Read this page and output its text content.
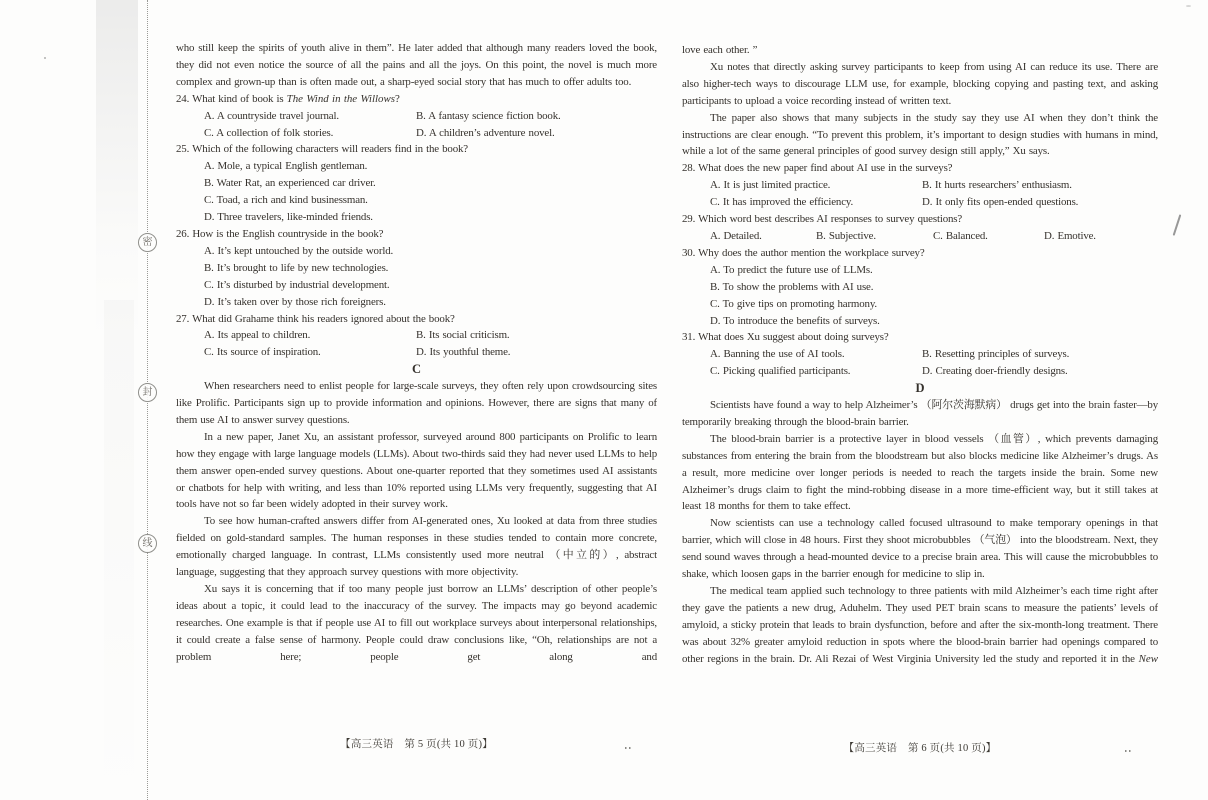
密
封
线

who still keep the spirits of youth alive in them”. He later added that although many readers loved the book, they did not even notice the source of all the pains and all the joys. On this point, the novel is much more complex and grown-up than is often made out, a sharp-eyed social story that has much to offer adults too.

24. What kind of book is The Wind in the Willows?
A. A countryside travel journal.	B. A fantasy science fiction book.
C. A collection of folk stories.	D. A children’s adventure novel.
25. Which of the following characters will readers find in the book?
A. Mole, a typical English gentleman.
B. Water Rat, an experienced car driver.
C. Toad, a rich and kind businessman.
D. Three travelers, like-minded friends.
26. How is the English countryside in the book?
A. It’s kept untouched by the outside world.
B. It’s brought to life by new technologies.
C. It’s disturbed by industrial development.
D. It’s taken over by those rich foreigners.
27. What did Grahame think his readers ignored about the book?
A. Its appeal to children.	B. Its social criticism.
C. Its source of inspiration.	D. Its youthful theme.

C

When researchers need to enlist people for large-scale surveys, they often rely upon crowdsourcing sites like Prolific. Participants sign up to provide information and opinions. However, there are signs that many of them use AI to answer survey questions.

In a new paper, Janet Xu, an assistant professor, surveyed around 800 participants on Prolific to learn how they engage with large language models (LLMs). About two-thirds said they had never used LLMs to help them answer open-ended survey questions. About one-quarter reported that they sometimes used AI assistants or chatbots for help with writing, and less than 10% reported using LLMs very frequently, suggesting that AI tools have not so far been widely adopted in their survey work.

To see how human-crafted answers differ from AI-generated ones, Xu looked at data from three studies fielded on gold-standard samples. The human responses in these studies tended to contain more concrete, emotionally charged language. In contrast, LLMs consistently used more neutral （中立的）, abstract language, suggesting that they approach survey questions with more objectivity.

Xu says it is concerning that if too many people just borrow an LLMs’ description of other people’s ideas about a topic, it could lead to the inaccuracy of the survey. The impacts may go beyond academic researches. One example is that if people use AI to fill out workplace surveys about interpersonal relationships, it could create a false sense of harmony. People could draw conclusions like, “Oh, relationships are not a problem here; people get along and

【高三英语　第 5 页(共 10 页)】

love each other. ”

Xu notes that directly asking survey participants to keep from using AI can reduce its use. There are also higher-tech ways to discourage LLM use, for example, blocking copying and pasting text, and asking participants to upload a voice recording instead of written text.

The paper also shows that many subjects in the study say they use AI when they don’t think the instructions are clear enough. “To prevent this problem, it’s important to design studies with humans in mind, while a lot of the same general principles of good survey design still apply,” Xu says.

28. What does the new paper find about AI use in the surveys?
A. It is just limited practice.	B. It hurts researchers’ enthusiasm.
C. It has improved the efficiency.	D. It only fits open-ended questions.
29. Which word best describes AI responses to survey questions?
A. Detailed.	B. Subjective.	C. Balanced.	D. Emotive.
30. Why does the author mention the workplace survey?
A. To predict the future use of LLMs.
B. To show the problems with AI use.
C. To give tips on promoting harmony.
D. To introduce the benefits of surveys.
31. What does Xu suggest about doing surveys?
A. Banning the use of AI tools.	B. Resetting principles of surveys.
C. Picking qualified participants.	D. Creating doer-friendly designs.

D

Scientists have found a way to help Alzheimer’s （阿尔茨海默病） drugs get into the brain faster—by temporarily breaking through the blood-brain barrier.

The blood-brain barrier is a protective layer in blood vessels （血管）, which prevents damaging substances from entering the brain from the bloodstream but also blocks medicine like Alzheimer’s drugs. As a result, more medicine over longer periods is needed to reach the targets inside the brain. Some new Alzheimer’s drugs claim to fight the mind-robbing disease in a more time-efficient way, but it still takes at least 18 months for them to take effect.

Now scientists can use a technology called focused ultrasound to make temporary openings in that barrier, which will close in 48 hours. First they shoot microbubbles （气泡） into the bloodstream. Next, they send sound waves through a head-mounted device to a precise brain area. This will cause the microbubbles to shake, which loosen gaps in the barrier enough for medicine to slip in.

The medical team applied such technology to three patients with mild Alzheimer’s each time right after they gave the patients a new drug, Aduhelm. They used PET brain scans to measure the patients’ levels of amyloid, a sticky protein that leads to brain dysfunction, before and after the six-month-long treatment. There was about 32% greater amyloid reduction in spots where the blood-brain barrier had openings compared to other regions in the brain. Dr. Ali Rezai of West Virginia University led the study and reported it in the New

【高三英语　第 6 页(共 10 页)】
